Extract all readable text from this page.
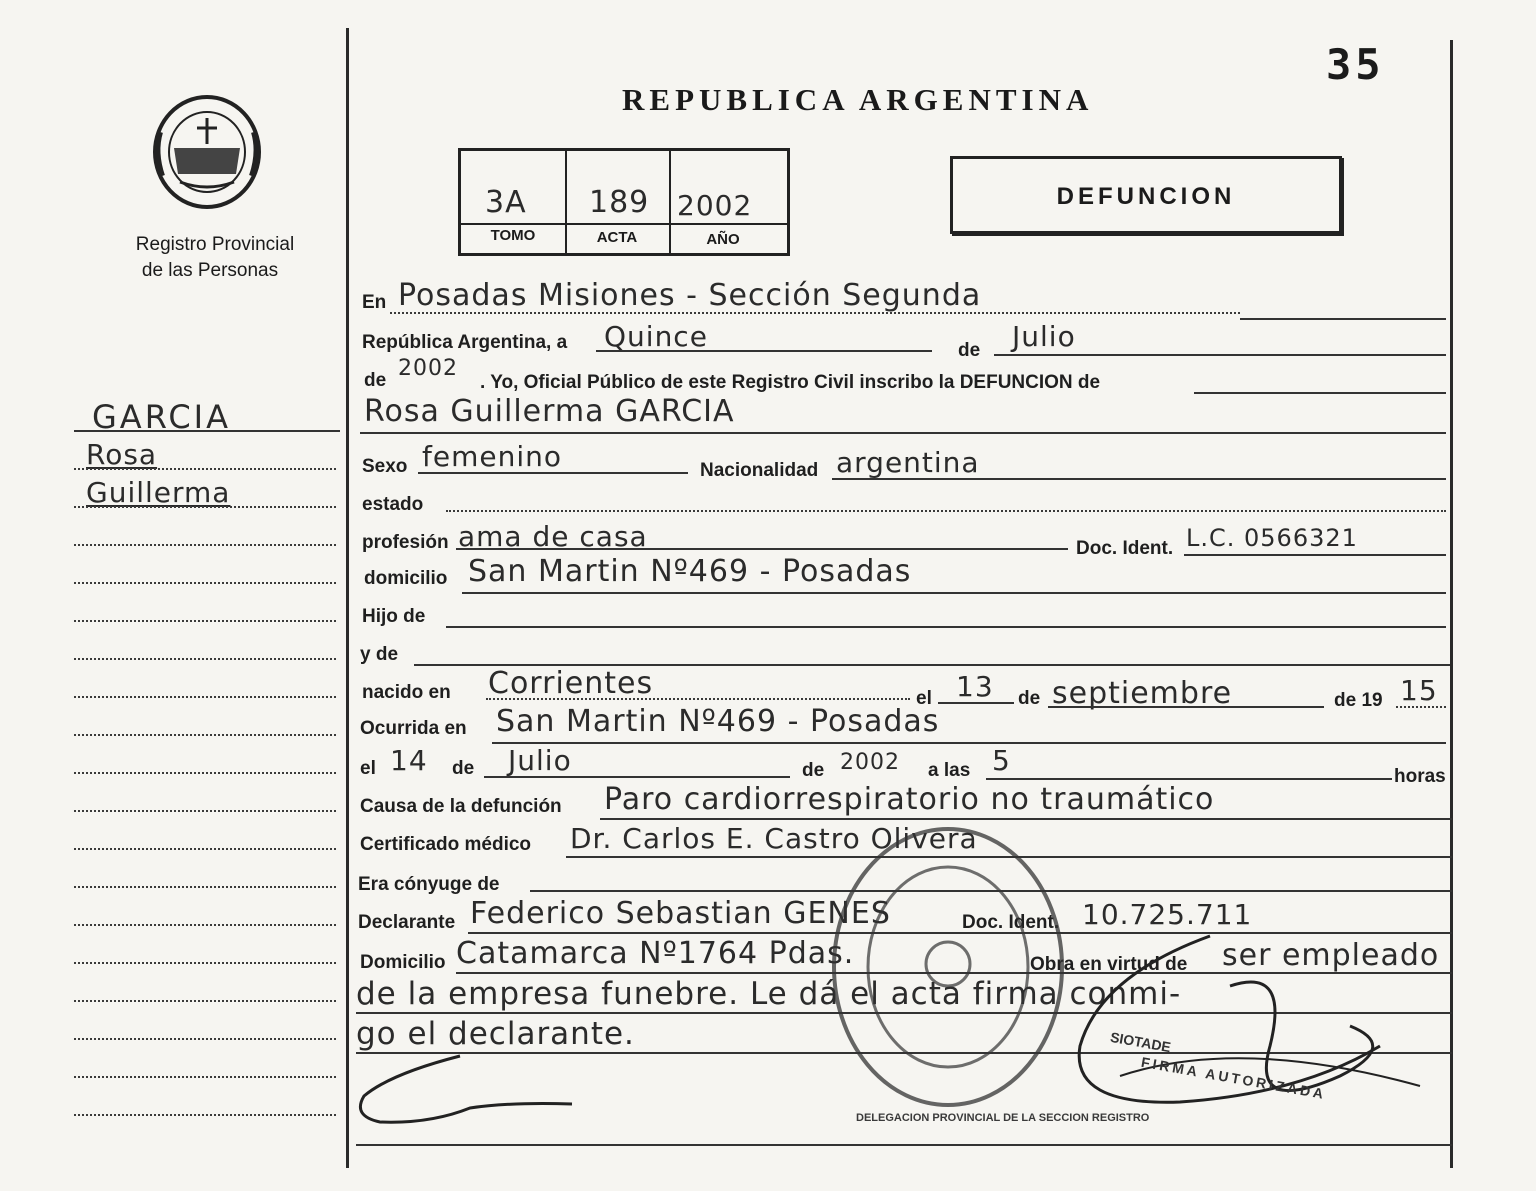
35
Registro Provincial
de las Personas
REPUBLICA ARGENTINA
3A 189 2002
TOMO	ACTA	AÑO
DEFUNCION
GARCIA
Rosa
Guillerma
En Posadas Misiones - Sección Segunda
República Argentina, a Quince	de Julio
de 2002
. Yo, Oficial Público de este Registro Civil inscribo la DEFUNCION de
Rosa Guillerma GARCIA
Sexo femenino	Nacionalidad argentina
estado
profesión ama de casa	Doc. Ident. L.C. 0566321
domicilio San Martin Nº469 - Posadas
Hijo de
y de
nacido en Corrientes	el 13 de septiembre	de 19 15
Ocurrida en San Martin Nº469 - Posadas
el 14 de Julio	de 2002 a las 5	horas
Causa de la defunción Paro cardiorrespiratorio no traumático
Certificado médico Dr. Carlos E. Castro Olivera
Era cónyuge de
Declarante Federico Sebastian GENES	Doc. Ident. 10.725.711
Domicilio Catamarca Nº1764 Pdas.	Obra en virtud de ser empleado
de la empresa funebre. Le dá el acta firma conmi-
go el declarante.
DELEGACION PROVINCIAL DE LA SECCION REGISTRO
SIOTADE
FIRMA AUTORIZADA
